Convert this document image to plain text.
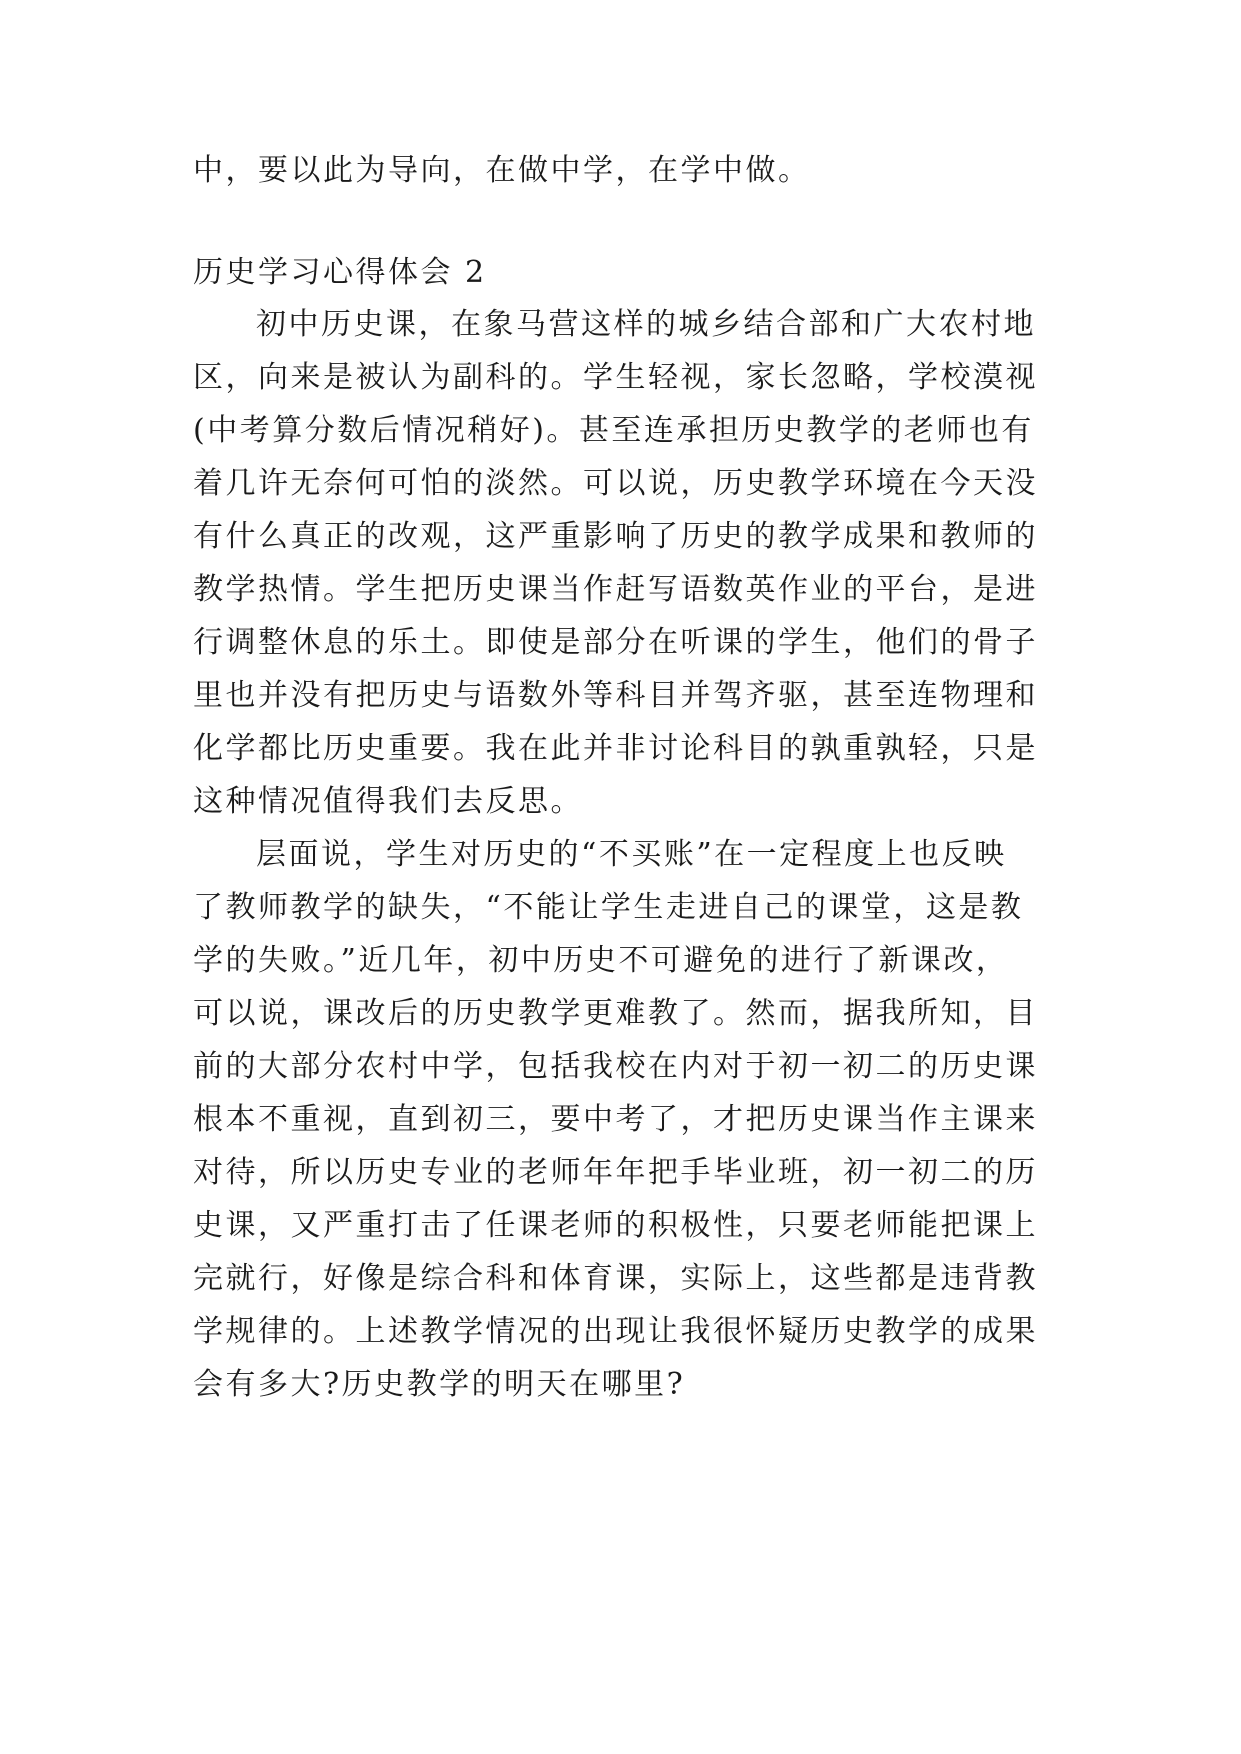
中，要以此为导向，在做中学，在学中做。
历史学习心得体会 2
初中历史课，在象马营这样的城乡结合部和广大农村地
区，向来是被认为副科的。学生轻视，家长忽略，学校漠视
(中考算分数后情况稍好)。甚至连承担历史教学的老师也有
着几许无奈何可怕的淡然。可以说，历史教学环境在今天没
有什么真正的改观，这严重影响了历史的教学成果和教师的
教学热情。学生把历史课当作赶写语数英作业的平台，是进
行调整休息的乐土。即使是部分在听课的学生，他们的骨子
里也并没有把历史与语数外等科目并驾齐驱，甚至连物理和
化学都比历史重要。我在此并非讨论科目的孰重孰轻，只是
这种情况值得我们去反思。
层面说，学生对历史的“不买账”在一定程度上也反映
了教师教学的缺失，“不能让学生走进自己的课堂，这是教
学的失败。”近几年，初中历史不可避免的进行了新课改，
可以说，课改后的历史教学更难教了。然而，据我所知，目
前的大部分农村中学，包括我校在内对于初一初二的历史课
根本不重视，直到初三，要中考了，才把历史课当作主课来
对待，所以历史专业的老师年年把手毕业班，初一初二的历
史课，又严重打击了任课老师的积极性，只要老师能把课上
完就行，好像是综合科和体育课，实际上，这些都是违背教
学规律的。上述教学情况的出现让我很怀疑历史教学的成果
会有多大?历史教学的明天在哪里?
